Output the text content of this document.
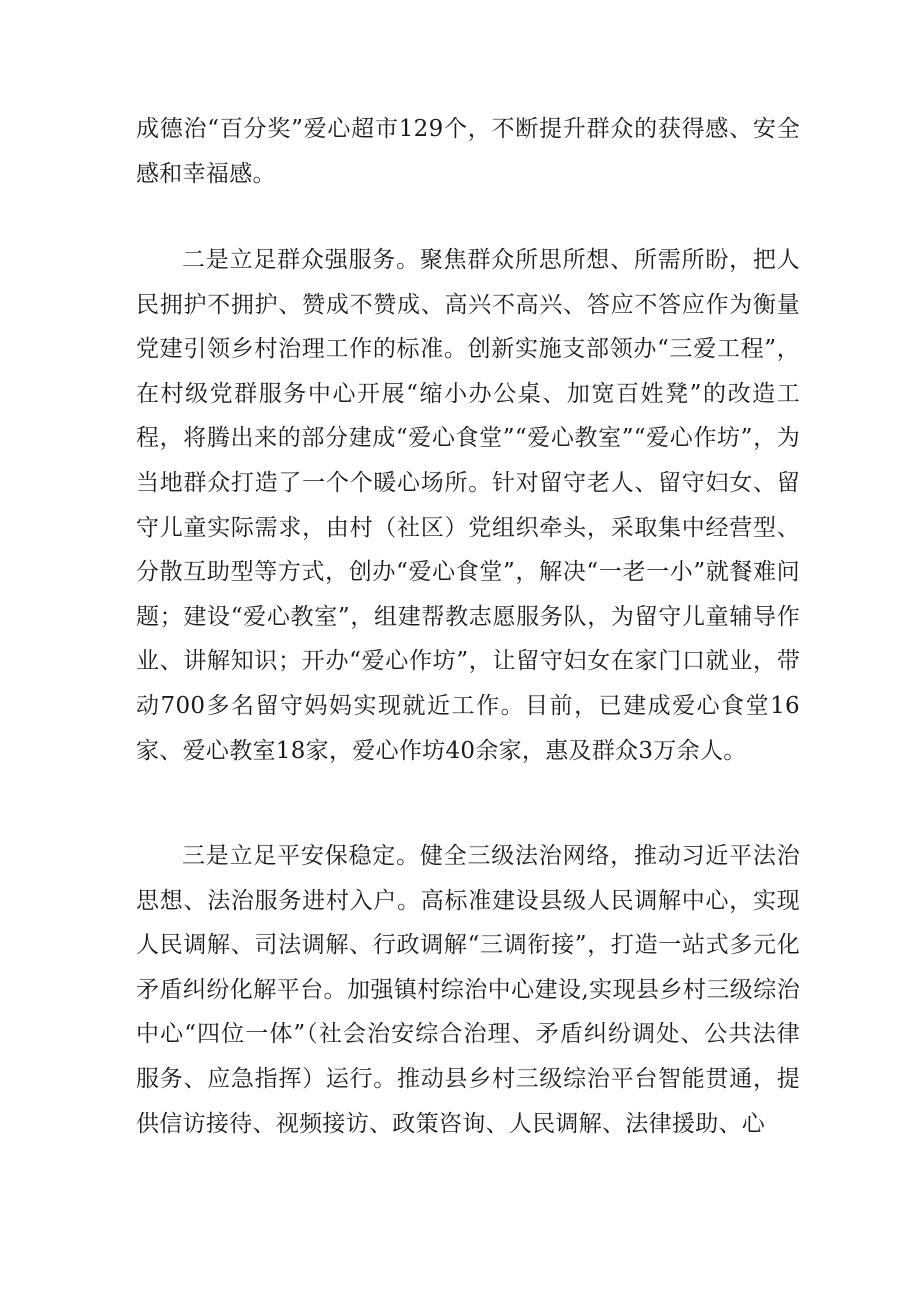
成德治“百分奖”爱心超市129个，不断提升群众的获得感、安全感和幸福感。

二是立足群众强服务。聚焦群众所思所想、所需所盼，把人民拥护不拥护、赞成不赞成、高兴不高兴、答应不答应作为衡量党建引领乡村治理工作的标准。创新实施支部领办“三爱工程”，在村级党群服务中心开展“缩小办公桌、加宽百姓凳”的改造工程，将腾出来的部分建成“爱心食堂”“爱心教室”“爱心作坊”，为当地群众打造了一个个暖心场所。针对留守老人、留守妇女、留守儿童实际需求，由村（社区）党组织牵头，采取集中经营型、分散互助型等方式，创办“爱心食堂”，解决“一老一小”就餐难问题；建设“爱心教室”，组建帮教志愿服务队，为留守儿童辅导作业、讲解知识；开办“爱心作坊”，让留守妇女在家门口就业，带动700多名留守妈妈实现就近工作。目前，已建成爱心食堂16家、爱心教室18家，爱心作坊40余家，惠及群众3万余人。

三是立足平安保稳定。健全三级法治网络，推动习近平法治思想、法治服务进村入户。高标准建设县级人民调解中心，实现人民调解、司法调解、行政调解“三调衔接”，打造一站式多元化矛盾纠纷化解平台。加强镇村综治中心建设,实现县乡村三级综治中心“四位一体”（社会治安综合治理、矛盾纠纷调处、公共法律服务、应急指挥）运行。推动县乡村三级综治平台智能贯通，提供信访接待、视频接访、政策咨询、人民调解、法律援助、心
